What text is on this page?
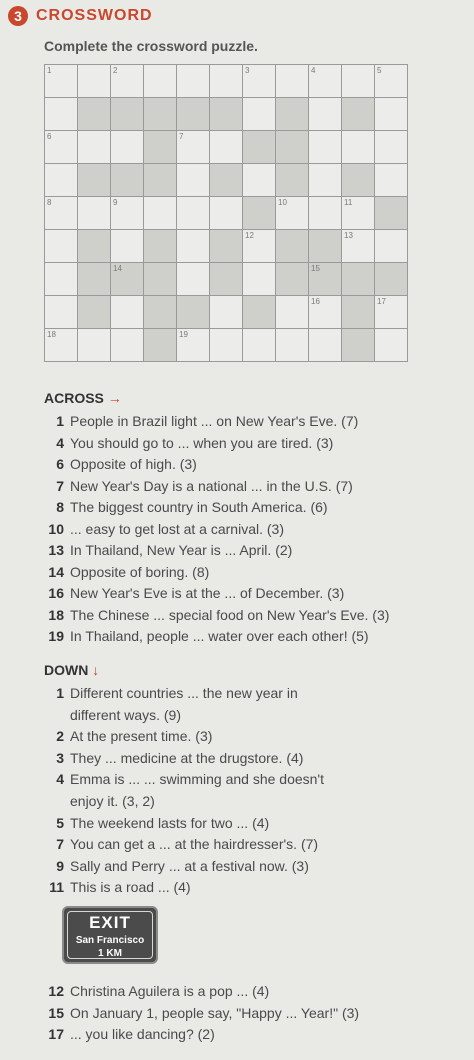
3 CROSSWORD
Complete the crossword puzzle.
1	2	3	4	5
6	7
8	9	10	11
12	13
14	15
16	17
18	19
ACROSS →
1 People in Brazil light ... on New Year's Eve. (7)
4 You should go to ... when you are tired. (3)
6 Opposite of high. (3)
7 New Year's Day is a national ... in the U.S. (7)
8 The biggest country in South America. (6)
10 ... easy to get lost at a carnival. (3)
13 In Thailand, New Year is ... April. (2)
14 Opposite of boring. (8)
16 New Year's Eve is at the ... of December. (3)
18 The Chinese ... special food on New Year's Eve. (3)
19 In Thailand, people ... water over each other! (5)
DOWN ↓
1 Different countries ... the new year in
different ways. (9)
2 At the present time. (3)
3 They ... medicine at the drugstore. (4)
4 Emma is ... ... swimming and she doesn't
enjoy it. (3, 2)
5 The weekend lasts for two ... (4)
7 You can get a ... at the hairdresser's. (7)
9 Sally and Perry ... at a festival now. (3)
11 This is a road ... (4)
EXIT
San Francisco
1 KM
12 Christina Aguilera is a pop ... (4)
15 On January 1, people say, "Happy ... Year!" (3)
17 ... you like dancing? (2)
